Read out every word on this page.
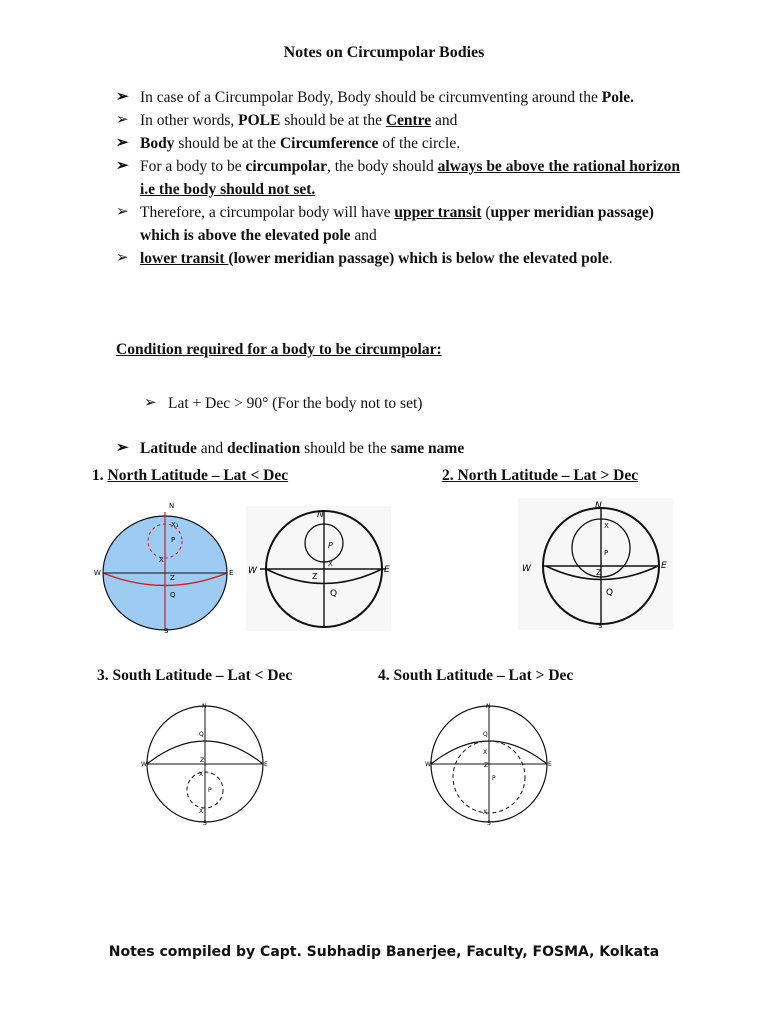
Notes on Circumpolar Bodies
➢ In case of a Circumpolar Body, Body should be circumventing around the Pole.
➢ In other words, POLE should be at the Centre and
➢ Body should be at the Circumference of the circle.
➢ For a body to be circumpolar, the body should always be above the rational horizon i.e the body should not set.
➢ Therefore, a circumpolar body will have upper transit (upper meridian passage) which is above the elevated pole and
➢ lower transit (lower meridian passage) which is below the elevated pole.
Condition required for a body to be circumpolar:
➢ Lat + Dec > 90° (For the body not to set)
➢ Latitude and declination should be the same name
1. North Latitude – Lat < Dec	2. North Latitude – Lat > Dec
3. South Latitude – Lat < Dec	4. South Latitude – Lat > Dec
N
X₁
P
X
Z
Q
S
W	E
N
P
X
Z
Q
W	E
N
P
X
Z
Q
S
W	E
N
Q
Z
X
P
X
S
W	E
N
Q
X
Z
P
X
S
W	E
Notes compiled by Capt. Subhadip Banerjee, Faculty, FOSMA, Kolkata
